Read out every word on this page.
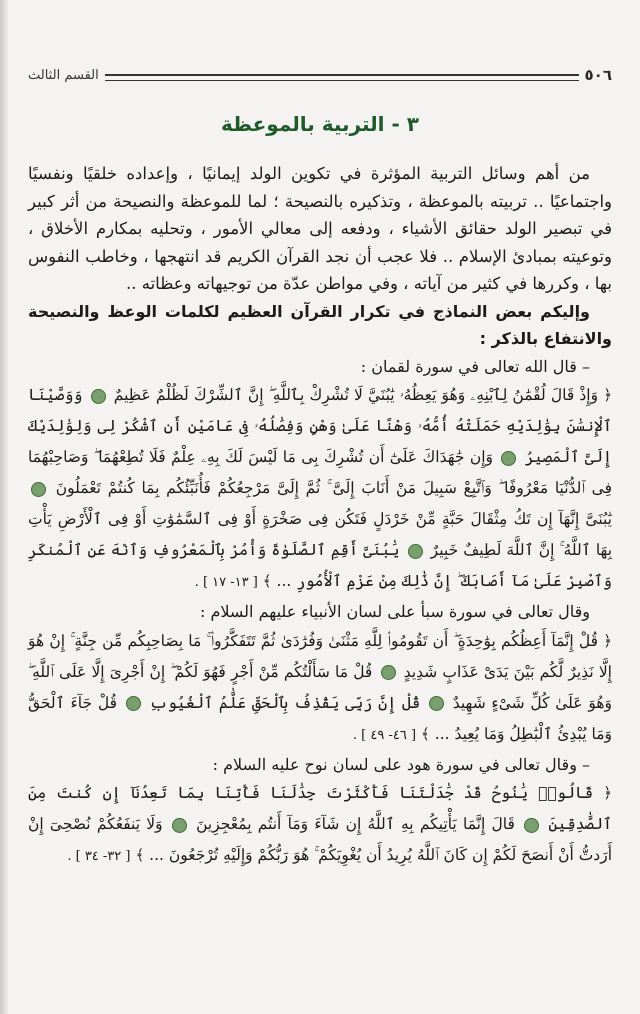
٥٠٦
القسم الثالث
٣ - التربية بالموعظة

من أهم وسائل التربية المؤثرة في تكوين الولد إيمانيًا ، وإعداده خلقيًا ونفسيًا واجتماعيًا .. تربيته بالموعظة ، وتذكيره بالنصيحة ؛ لما للموعظة والنصيحة من أثر كبير في تبصير الولد حقائق الأشياء ، ودفعه إلى معالي الأمور ، وتحليه بمكارم الأخلاق ، وتوعيته بمبادئ الإسلام .. فلا عجب أن نجد القرآن الكريم قد انتهجها ، وخاطب النفوس بها ، وكررها في كثير من آياته ، وفي مواطن عدّة من توجيهاته وعظاته ..

وإليكم بعض النماذج في تكرار القرآن العظيم لكلمات الوعظ والنصيحة والانتفاع بالذكر :

– قال الله تعالى في سورة لقمان :

﴿ وَإِذْ قَالَ لُقْمَٰنُ لِٱبْنِهِۦ وَهُوَ يَعِظُهُۥ يَٰبُنَيَّ لَا تُشْرِكْ بِٱللَّهِ ۖ إِنَّ ٱلشِّرْكَ لَظُلْمٌ عَظِيمٌ  وَوَصَّيْنَا ٱلْإِنسَٰنَ بِوَٰلِدَيْهِ حَمَلَتْهُ أُمُّهُۥ وَهْنًا عَلَىٰ وَهْنٍ وَفِصَٰلُهُۥ فِى عَامَيْنِ أَنِ ٱشْكُرْ لِى وَلِوَٰلِدَيْكَ إِلَىَّ ٱلْمَصِيرُ  وَإِن جَٰهَدَاكَ عَلَىٰٓ أَن تُشْرِكَ بِى مَا لَيْسَ لَكَ بِهِۦ عِلْمٌ فَلَا تُطِعْهُمَا ۖ وَصَاحِبْهُمَا فِى ٱلدُّنْيَا مَعْرُوفًا ۖ وَٱتَّبِعْ سَبِيلَ مَنْ أَنَابَ إِلَىَّ ۚ ثُمَّ إِلَىَّ مَرْجِعُكُمْ فَأُنَبِّئُكُم بِمَا كُنتُمْ تَعْمَلُونَ  يَٰبُنَىَّ إِنَّهَآ إِن تَكُ مِثْقَالَ حَبَّةٍ مِّنْ خَرْدَلٍ فَتَكُن فِى صَخْرَةٍ أَوْ فِى ٱلسَّمَٰوَٰتِ أَوْ فِى ٱلْأَرْضِ يَأْتِ بِهَا ٱللَّهُ ۚ إِنَّ ٱللَّهَ لَطِيفٌ خَبِيرٌ  يَٰبُنَىَّ أَقِمِ ٱلصَّلَوٰةَ وَأْمُرْ بِٱلْمَعْرُوفِ وَٱنْهَ عَنِ ٱلْمُنكَرِ وَٱصْبِرْ عَلَىٰ مَآ أَصَابَكَ ۖ إِنَّ ذَٰلِكَ مِنْ عَزْمِ ٱلْأُمُورِ ... ﴾ [ ١٣- ١٧ ] .

وقال تعالى في سورة سبأ على لسان الأنبياء عليهم السلام :

﴿ قُلْ إِنَّمَآ أَعِظُكُم بِوَٰحِدَةٍ ۖ أَن تَقُومُوا۟ لِلَّهِ مَثْنَىٰ وَفُرَٰدَىٰ ثُمَّ تَتَفَكَّرُوا۟ ۚ مَا بِصَاحِبِكُم مِّن جِنَّةٍ ۚ إِنْ هُوَ إِلَّا نَذِيرٌ لَّكُم بَيْنَ يَدَىْ عَذَابٍ شَدِيدٍ  قُلْ مَا سَأَلْتُكُم مِّنْ أَجْرٍ فَهُوَ لَكُمْ ۖ إِنْ أَجْرِىَ إِلَّا عَلَى ٱللَّهِ ۖ وَهُوَ عَلَىٰ كُلِّ شَىْءٍ شَهِيدٌ  قُلْ إِنَّ رَبِّى يَقْذِفُ بِٱلْحَقِّ عَلَّٰمُ ٱلْغُيُوبِ  قُلْ جَآءَ ٱلْحَقُّ وَمَا يُبْدِئُ ٱلْبَٰطِلُ وَمَا يُعِيدُ ... ﴾ [ ٤٦- ٤٩ ] .

– وقال تعالى في سورة هود على لسان نوح عليه السلام :

﴿ قَالُوا۟ يَٰنُوحُ قَدْ جَٰدَلْتَنَا فَأَكْثَرْتَ جِدَٰلَنَا فَأْتِنَا بِمَا تَعِدُنَآ إِن كُنتَ مِنَ ٱلصَّٰدِقِينَ  قَالَ إِنَّمَا يَأْتِيكُم بِهِ ٱللَّهُ إِن شَآءَ وَمَآ أَنتُم بِمُعْجِزِينَ  وَلَا يَنفَعُكُمْ نُصْحِىٓ إِنْ أَرَدتُّ أَنْ أَنصَحَ لَكُمْ إِن كَانَ ٱللَّهُ يُرِيدُ أَن يُغْوِيَكُمْ ۚ هُوَ رَبُّكُمْ وَإِلَيْهِ تُرْجَعُونَ ... ﴾ [ ٣٢- ٣٤ ] .
